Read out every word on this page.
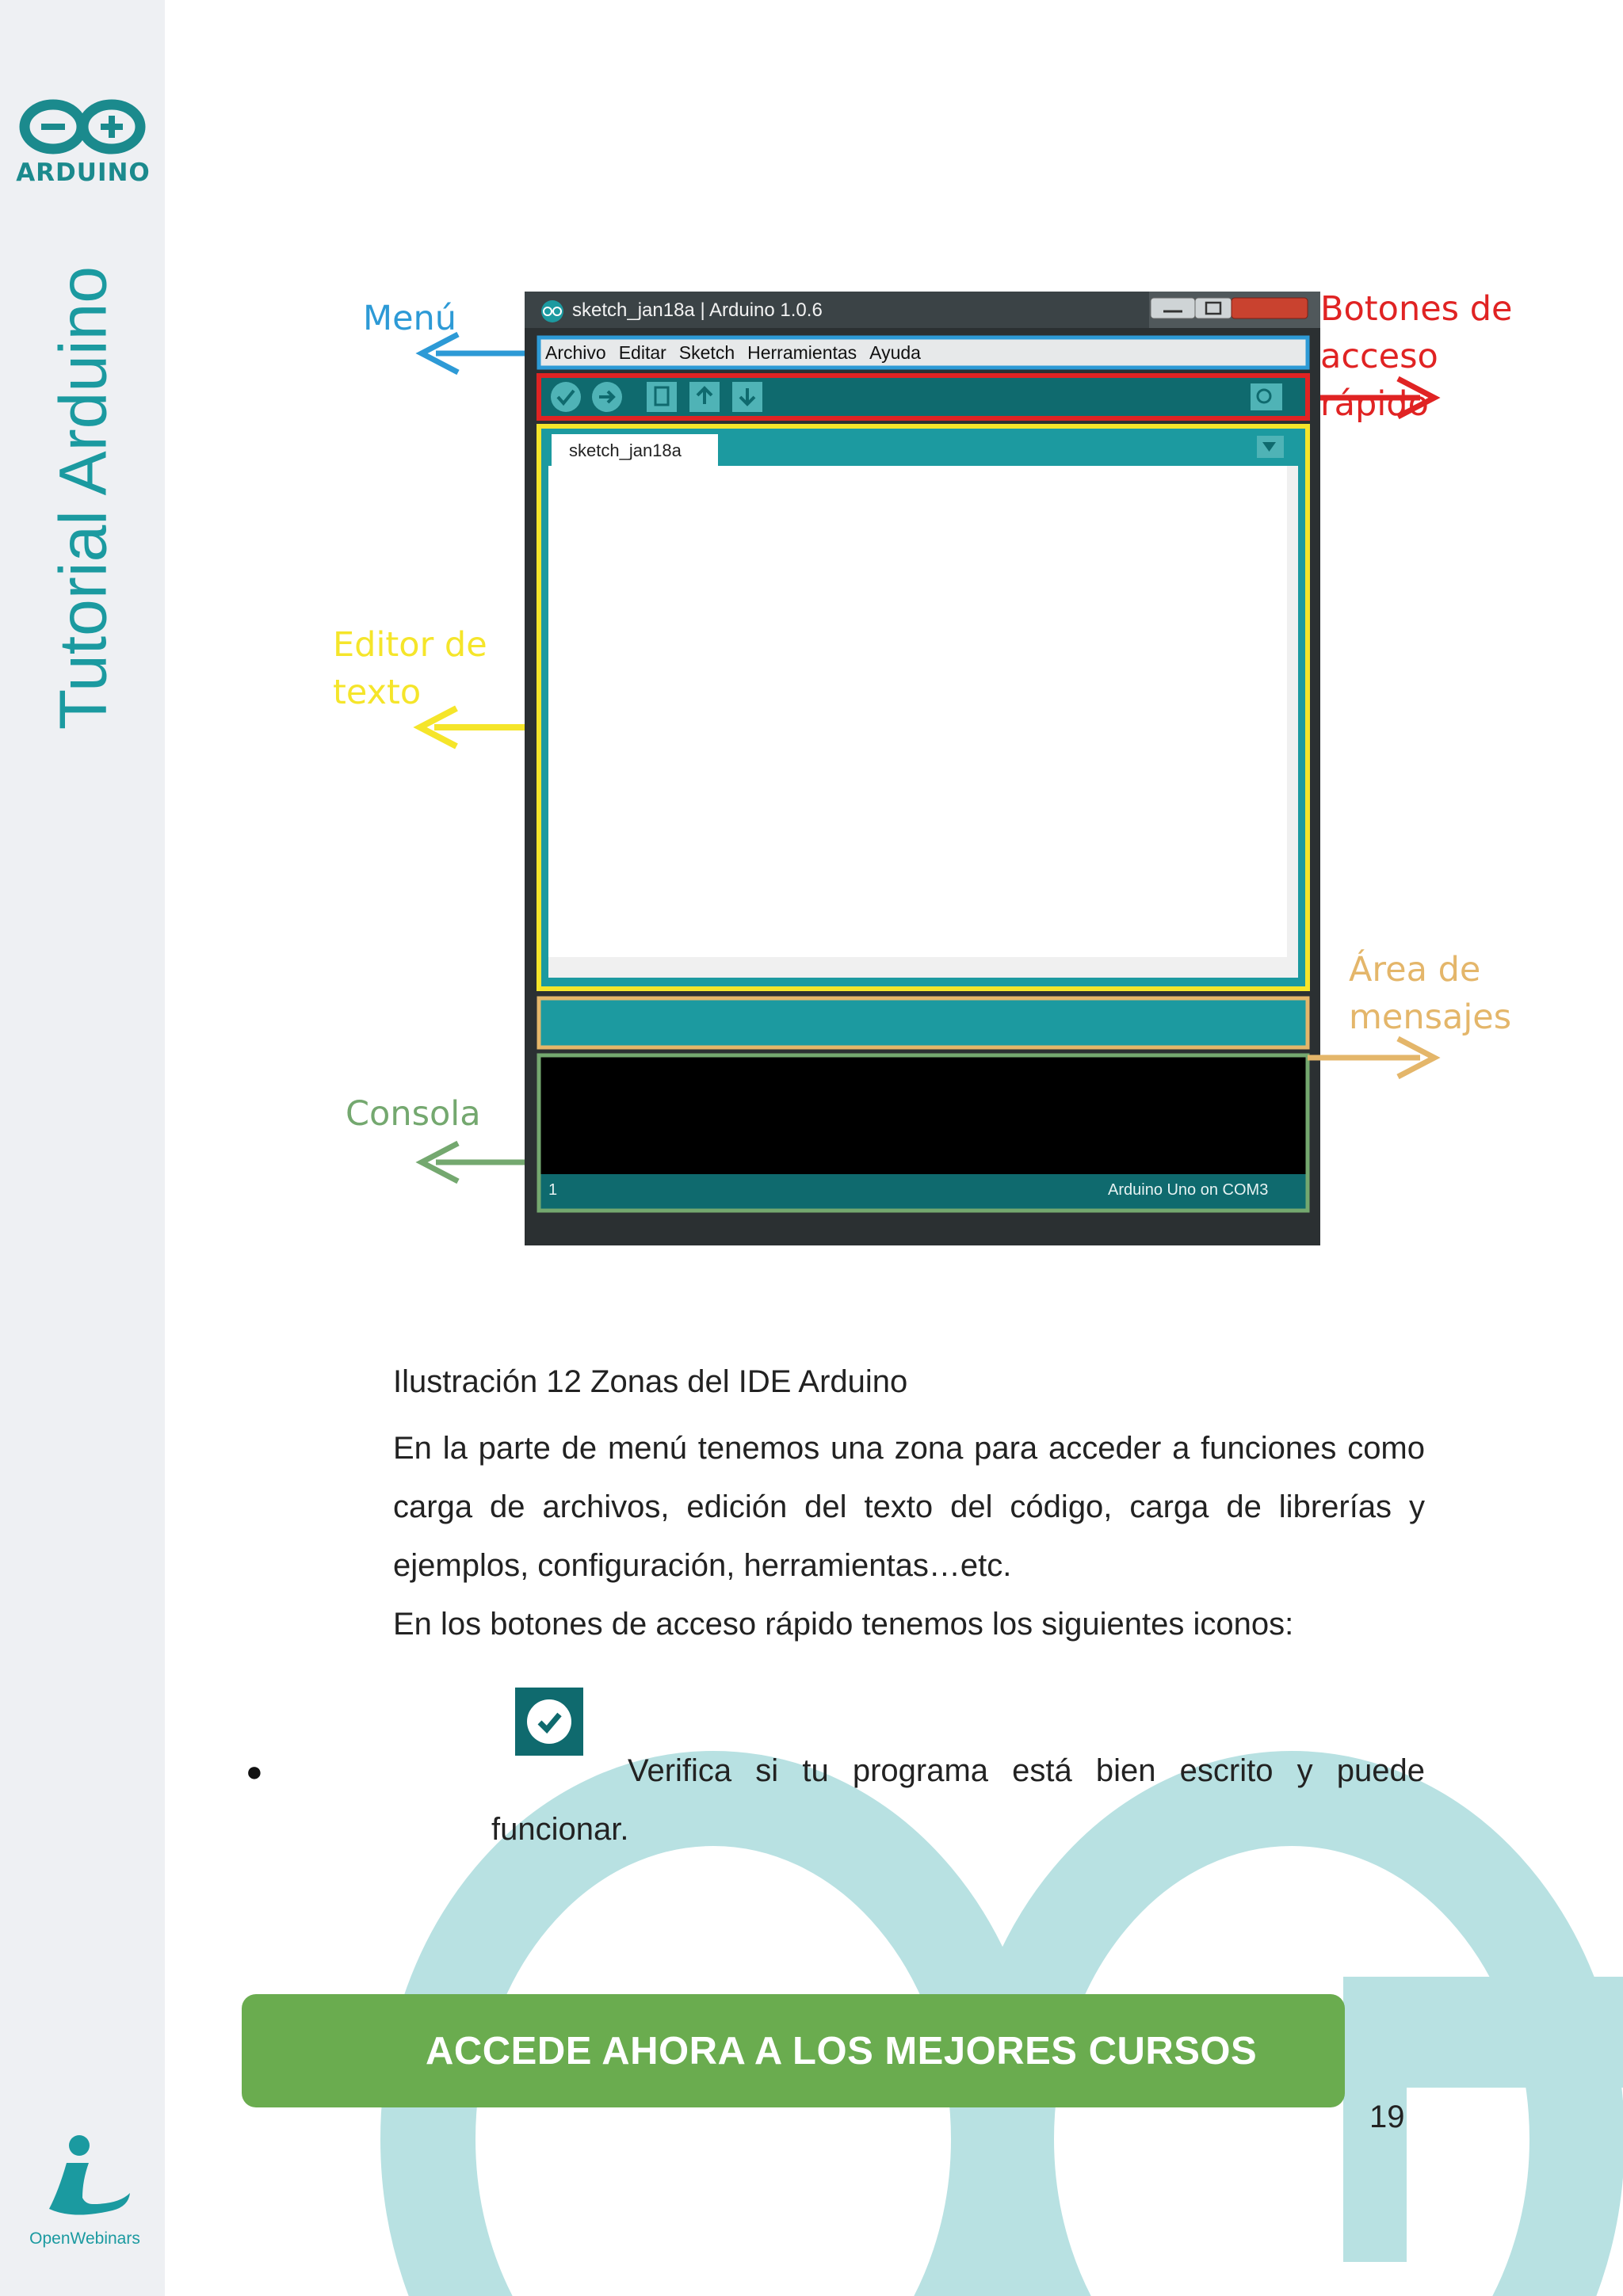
ARDUINO
Tutorial Arduino
OpenWebinars
sketch_jan18a | Arduino 1.0.6
Archivo Editar Sketch Herramientas Ayuda
sketch_jan18a
1	Arduino Uno on COM3
Menú	Botones de
acceso rápido
Editor de
texto
Área de
mensajes
Consola
Ilustración 12 Zonas del IDE Arduino
En la parte de menú tenemos una zona para acceder a funciones como carga de archivos, edición del texto del código, carga de librerías y ejemplos, configuración, herramientas…etc.
En los botones de acceso rápido tenemos los siguientes iconos:
●	Verifica si tu programa está bien escrito y puede
funcionar.
ACCEDE AHORA A LOS MEJORES CURSOS
19
